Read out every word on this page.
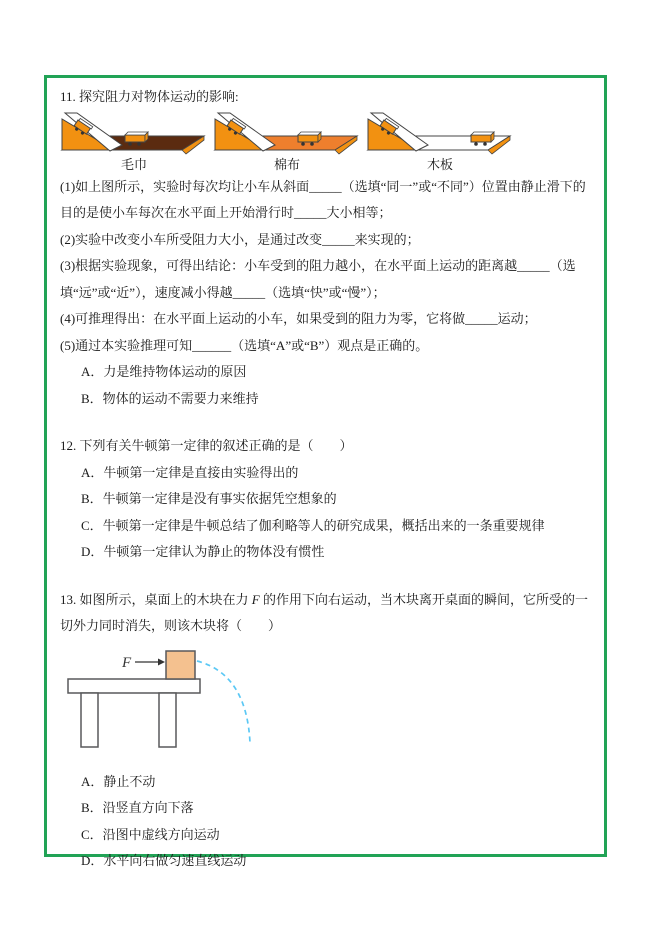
11. 探究阻力对物体运动的影响:

毛巾	棉布	木板

(1)如上图所示，实验时每次均让小车从斜面_____（选填“同一”或“不同”）位置由静止滑下的目的是使小车每次在水平面上开始滑行时_____大小相等；

(2)实验中改变小车所受阻力大小，是通过改变_____来实现的；

(3)根据实验现象，可得出结论：小车受到的阻力越小，在水平面上运动的距离越_____（选填“远”或“近”），速度减小得越_____（选填“快”或“慢”）；

(4)可推理得出：在水平面上运动的小车，如果受到的阻力为零，它将做_____运动；

(5)通过本实验推理可知______（选填“A”或“B”）观点是正确的。

A．力是维持物体运动的原因

B．物体的运动不需要力来维持

12. 下列有关牛顿第一定律的叙述正确的是（　　）

A．牛顿第一定律是直接由实验得出的

B．牛顿第一定律是没有事实依据凭空想象的

C．牛顿第一定律是牛顿总结了伽利略等人的研究成果，概括出来的一条重要规律

D．牛顿第一定律认为静止的物体没有惯性

13. 如图所示，桌面上的木块在力 F 的作用下向右运动，当木块离开桌面的瞬间，它所受的一切外力同时消失，则该木块将（　　）

F

A．静止不动

B．沿竖直方向下落

C．沿图中虚线方向运动

D．水平向右做匀速直线运动
